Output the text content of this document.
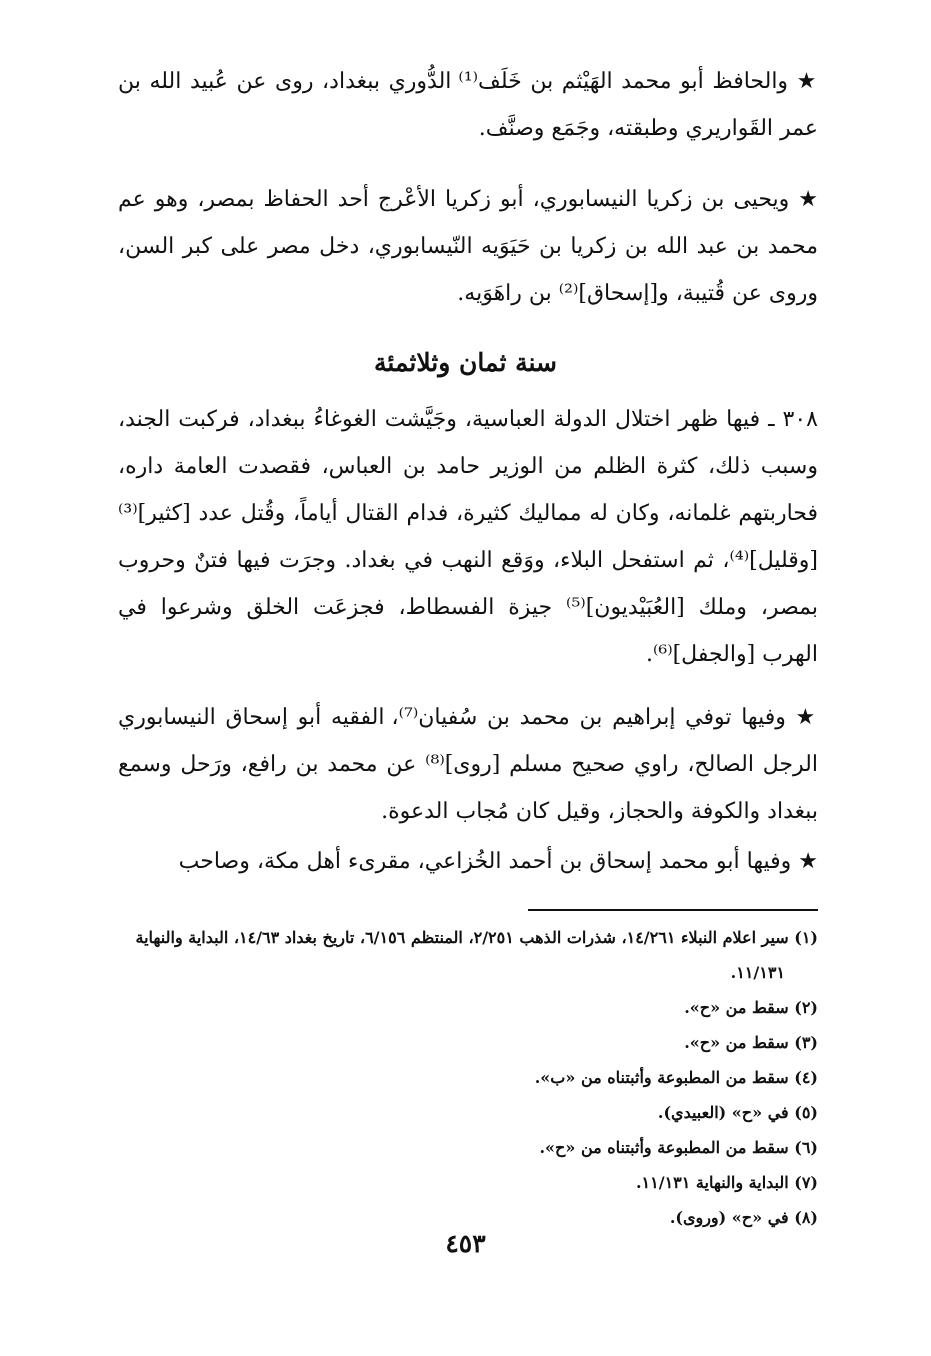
★ والحافظ أبو محمد الهَيْثم بن خَلَف⁽¹⁾ الدُّوري ببغداد، روى عن عُبيد الله بن عمر القَواريري وطبقته، وجَمَع وصنَّف.

★ ويحيى بن زكريا النيسابوري، أبو زكريا الأعْرج أحد الحفاظ بمصر، وهو عم محمد بن عبد الله بن زكريا بن حَيَوَيه النّيسابوري، دخل مصر على كبر السن، وروى عن قُتيبة، و[إسحاق]⁽²⁾ بن راهَوَيه.

سنة ثمان وثلاثمئة

٣٠٨ ـ فيها ظهر اختلال الدولة العباسية، وجَيَّشت الغوغاءُ ببغداد، فركبت الجند، وسبب ذلك، كثرة الظلم من الوزير حامد بن العباس، فقصدت العامة داره، فحاربتهم غلمانه، وكان له مماليك كثيرة، فدام القتال أياماً، وقُتل عدد [كثير]⁽³⁾ [وقليل]⁽⁴⁾، ثم استفحل البلاء، ووَقع النهب في بغداد. وجرَت فيها فتنٌ وحروب بمصر، وملك [العُبَيْديون]⁽⁵⁾ جيزة الفسطاط، فجزعَت الخلق وشرعوا في الهرب [والجفل]⁽⁶⁾.

★ وفيها توفي إبراهيم بن محمد بن سُفيان⁽⁷⁾، الفقيه أبو إسحاق النيسابوري الرجل الصالح، راوي صحيح مسلم [روى]⁽⁸⁾ عن محمد بن رافع، ورَحل وسمع ببغداد والكوفة والحجاز، وقيل كان مُجاب الدعوة.

★ وفيها أبو محمد إسحاق بن أحمد الخُزاعي، مقرىء أهل مكة، وصاحب

(١) سير اعلام النبلاء ١٤/٢٦١، شذرات الذهب ٢/٢٥١، المنتظم ٦/١٥٦، تاريخ بغداد ١٤/٦٣، البداية والنهاية ١١/١٣١.
(٢) سقط من «ح».
(٣) سقط من «ح».
(٤) سقط من المطبوعة وأثبتناه من «ب».
(٥) في «ح» (العبيدي).
(٦) سقط من المطبوعة وأثبتناه من «ح».
(٧) البداية والنهاية ١١/١٣١.
(٨) في «ح» (وروى).
٤٥٣
